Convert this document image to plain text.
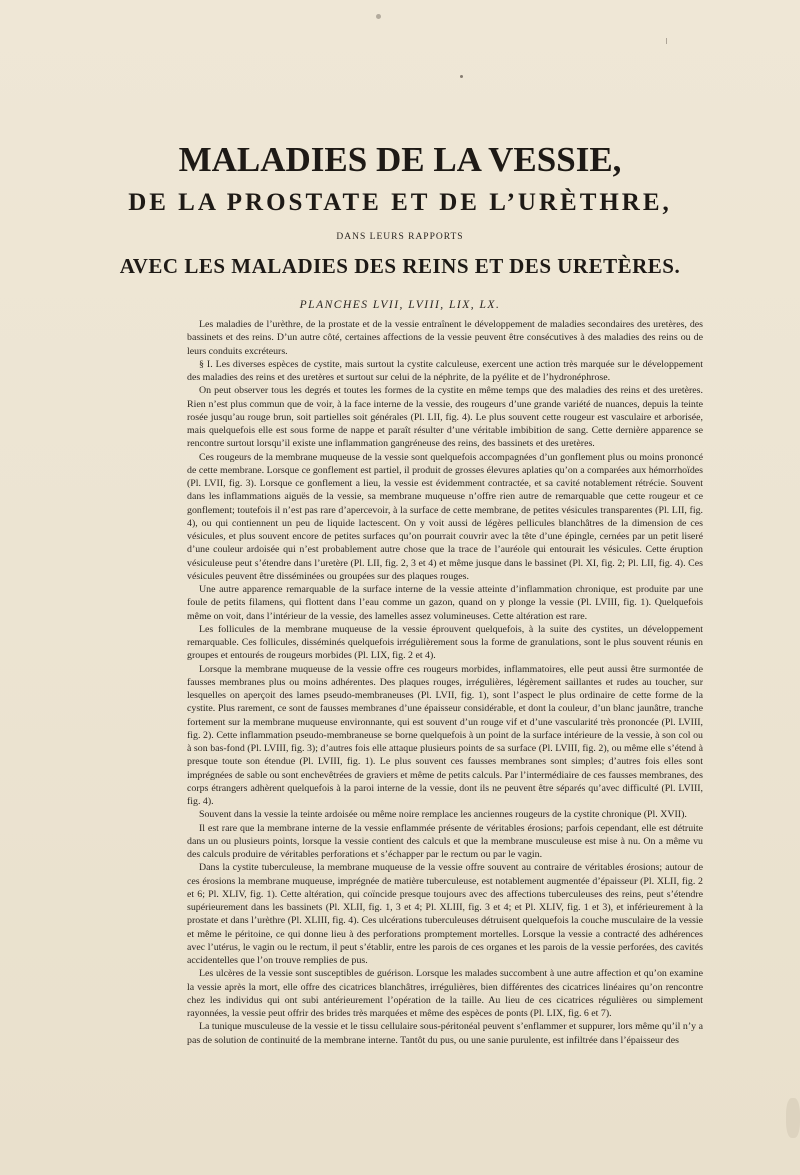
MALADIES DE LA VESSIE,
DE LA PROSTATE ET DE L’URÈTHRE,
DANS LEURS RAPPORTS
AVEC LES MALADIES DES REINS ET DES URETÈRES.
PLANCHES LVII, LVIII, LIX, LX.

Les maladies de l’urèthre, de la prostate et de la vessie entraînent le développement de maladies secondaires des uretères, des bassinets et des reins. D’un autre côté, certaines affections de la vessie peuvent être consécutives à des maladies des reins ou de leurs conduits excréteurs.

§ I. Les diverses espèces de cystite, mais surtout la cystite calculeuse, exercent une action très marquée sur le développement des maladies des reins et des uretères et surtout sur celui de la néphrite, de la pyélite et de l’hydronéphrose.

On peut observer tous les degrés et toutes les formes de la cystite en même temps que des maladies des reins et des uretères. Rien n’est plus commun que de voir, à la face interne de la vessie, des rougeurs d’une grande variété de nuances, depuis la teinte rosée jusqu’au rouge brun, soit partielles soit générales (Pl. LII, fig. 4). Le plus souvent cette rougeur est vasculaire et arborisée, mais quelquefois elle est sous forme de nappe et paraît résulter d’une véritable imbibition de sang. Cette dernière apparence se rencontre surtout lorsqu’il existe une inflammation gangréneuse des reins, des bassinets et des uretères.

Ces rougeurs de la membrane muqueuse de la vessie sont quelquefois accompagnées d’un gonflement plus ou moins prononcé de cette membrane. Lorsque ce gonflement est partiel, il produit de grosses élevures aplaties qu’on a comparées aux hémorrhoïdes (Pl. LVII, fig. 3). Lorsque ce gonflement a lieu, la vessie est évidemment contractée, et sa cavité notablement rétrécie. Souvent dans les inflammations aiguës de la vessie, sa membrane muqueuse n’offre rien autre de remarquable que cette rougeur et ce gonflement; toutefois il n’est pas rare d’apercevoir, à la surface de cette membrane, de petites vésicules transparentes (Pl. LII, fig. 4), ou qui contiennent un peu de liquide lactescent. On y voit aussi de légères pellicules blanchâtres de la dimension de ces vésicules, et plus souvent encore de petites surfaces qu’on pourrait couvrir avec la tête d’une épingle, cernées par un petit liseré d’une couleur ardoisée qui n’est probablement autre chose que la trace de l’auréole qui entourait les vésicules. Cette éruption vésiculeuse peut s’étendre dans l’uretère (Pl. LII, fig. 2, 3 et 4) et même jusque dans le bassinet (Pl. XI, fig. 2; Pl. LII, fig. 4). Ces vésicules peuvent être disséminées ou groupées sur des plaques rouges.

Une autre apparence remarquable de la surface interne de la vessie atteinte d’inflammation chronique, est produite par une foule de petits filamens, qui flottent dans l’eau comme un gazon, quand on y plonge la vessie (Pl. LVIII, fig. 1). Quelquefois même on voit, dans l’intérieur de la vessie, des lamelles assez volumineuses. Cette altération est rare.

Les follicules de la membrane muqueuse de la vessie éprouvent quelquefois, à la suite des cystites, un développement remarquable. Ces follicules, disséminés quelquefois irrégulièrement sous la forme de granulations, sont le plus souvent réunis en groupes et entourés de rougeurs morbides (Pl. LIX, fig. 2 et 4).

Lorsque la membrane muqueuse de la vessie offre ces rougeurs morbides, inflammatoires, elle peut aussi être surmontée de fausses membranes plus ou moins adhérentes. Des plaques rouges, irrégulières, légèrement saillantes et rudes au toucher, sur lesquelles on aperçoit des lames pseudo-membraneuses (Pl. LVII, fig. 1), sont l’aspect le plus ordinaire de cette forme de la cystite. Plus rarement, ce sont de fausses membranes d’une épaisseur considérable, et dont la couleur, d’un blanc jaunâtre, tranche fortement sur la membrane muqueuse environnante, qui est souvent d’un rouge vif et d’une vascularité très prononcée (Pl. LVIII, fig. 2). Cette inflammation pseudo-membraneuse se borne quelquefois à un point de la surface intérieure de la vessie, à son col ou à son bas-fond (Pl. LVIII, fig. 3); d’autres fois elle attaque plusieurs points de sa surface (Pl. LVIII, fig. 2), ou même elle s’étend à presque toute son étendue (Pl. LVIII, fig. 1). Le plus souvent ces fausses membranes sont simples; d’autres fois elles sont imprégnées de sable ou sont enchevêtrées de graviers et même de petits calculs. Par l’intermédiaire de ces fausses membranes, des corps étrangers adhèrent quelquefois à la paroi interne de la vessie, dont ils ne peuvent être séparés qu’avec difficulté (Pl. LVIII, fig. 4).

Souvent dans la vessie la teinte ardoisée ou même noire remplace les anciennes rougeurs de la cystite chronique (Pl. XVII).

Il est rare que la membrane interne de la vessie enflammée présente de véritables érosions; parfois cependant, elle est détruite dans un ou plusieurs points, lorsque la vessie contient des calculs et que la membrane musculeuse est mise à nu. On a même vu des calculs produire de véritables perforations et s’échapper par le rectum ou par le vagin.

Dans la cystite tuberculeuse, la membrane muqueuse de la vessie offre souvent au contraire de véritables érosions; autour de ces érosions la membrane muqueuse, imprégnée de matière tuberculeuse, est notablement augmentée d’épaisseur (Pl. XLII, fig. 2 et 6; Pl. XLIV, fig. 1). Cette altération, qui coïncide presque toujours avec des affections tuberculeuses des reins, peut s’étendre supérieurement dans les bassinets (Pl. XLII, fig. 1, 3 et 4; Pl. XLIII, fig. 3 et 4; et Pl. XLIV, fig. 1 et 3), et inférieurement à la prostate et dans l’urèthre (Pl. XLIII, fig. 4). Ces ulcérations tuberculeuses détruisent quelquefois la couche musculaire de la vessie et même le péritoine, ce qui donne lieu à des perforations promptement mortelles. Lorsque la vessie a contracté des adhérences avec l’utérus, le vagin ou le rectum, il peut s’établir, entre les parois de ces organes et les parois de la vessie perforées, des cavités accidentelles que l’on trouve remplies de pus.

Les ulcères de la vessie sont susceptibles de guérison. Lorsque les malades succombent à une autre affection et qu’on examine la vessie après la mort, elle offre des cicatrices blanchâtres, irrégulières, bien différentes des cicatrices linéaires qu’on rencontre chez les individus qui ont subi antérieurement l’opération de la taille. Au lieu de ces cicatrices régulières ou simplement rayonnées, la vessie peut offrir des brides très marquées et même des espèces de ponts (Pl. LIX, fig. 6 et 7).

La tunique musculeuse de la vessie et le tissu cellulaire sous-péritonéal peuvent s’enflammer et suppurer, lors même qu’il n’y a pas de solution de continuité de la membrane interne. Tantôt du pus, ou une sanie purulente, est infiltrée dans l’épaisseur des
